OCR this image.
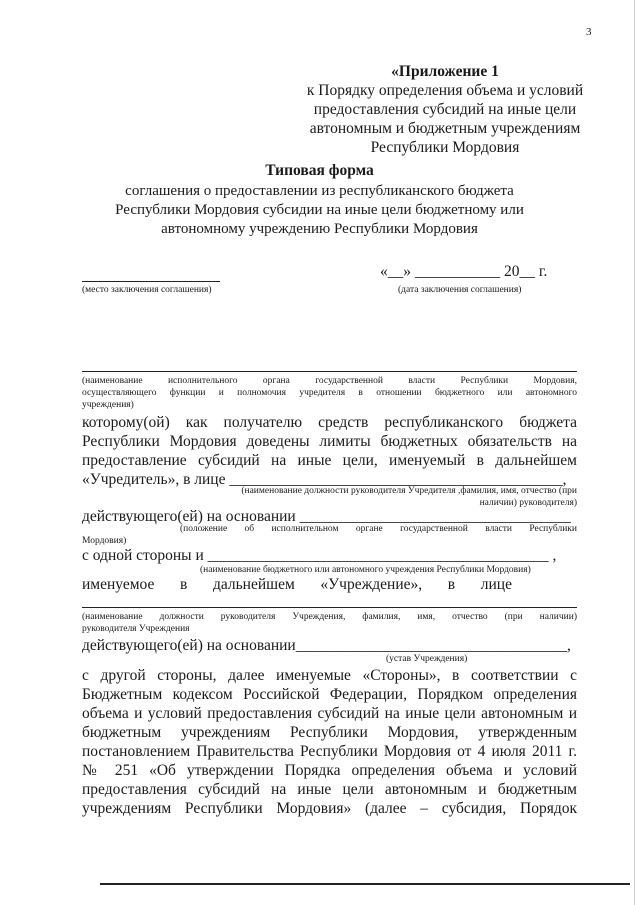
3
«Приложение 1
к Порядку определения объема и условий
предоставления субсидий на иные цели
автономным и бюджетным учреждениям
Республики Мордовия
Типовая форма
соглашения о предоставлении из республиканского бюджета
Республики Мордовия субсидии на иные цели бюджетному или
автономному учреждению Республики Мордовия
«__» ___________ 20__ г.
(место заключения соглашения)	(дата заключения соглашения)
(наименование исполнительного органа государственной власти Республики Мордовия,
осуществляющего функции и полномочия учредителя в отношении бюджетного или автономного
учреждения)
которому(ой) как получателю средств республиканского бюджета
Республики Мордовия доведены лимиты бюджетных обязательств на
предоставление субсидий на иные цели, именуемый в дальнейшем
«Учредитель», в лице ___________________________________________,
(наименование должности руководителя Учредителя ,фамилия, имя, отчество (при
наличии) руководителя)
действующего(ей) на основании ___________________________________
(положение об исполнительном органе государственной власти Республики
Мордовия)
с одной стороны и ____________________________________________ ,
(наименование бюджетного или автономного учреждения Республики Мордовия)
именуемое в дальнейшем «Учреждение», в лице
(наименование должности руководителя Учреждения, фамилия, имя, отчество (при наличии)
руководителя Учреждения
действующего(ей) на основании___________________________________,
(устав Учреждения)
с другой стороны, далее именуемые «Стороны», в соответствии с
Бюджетным кодексом Российской Федерации, Порядком определения
объема и условий предоставления субсидий на иные цели автономным и
бюджетным учреждениям Республики Мордовия, утвержденным
постановлением Правительства Республики Мордовия от 4 июля 2011 г.
№ 251 «Об утверждении Порядка определения объема и условий
предоставления субсидий на иные цели автономным и бюджетным
учреждениям Республики Мордовия» (далее – субсидия, Порядок
